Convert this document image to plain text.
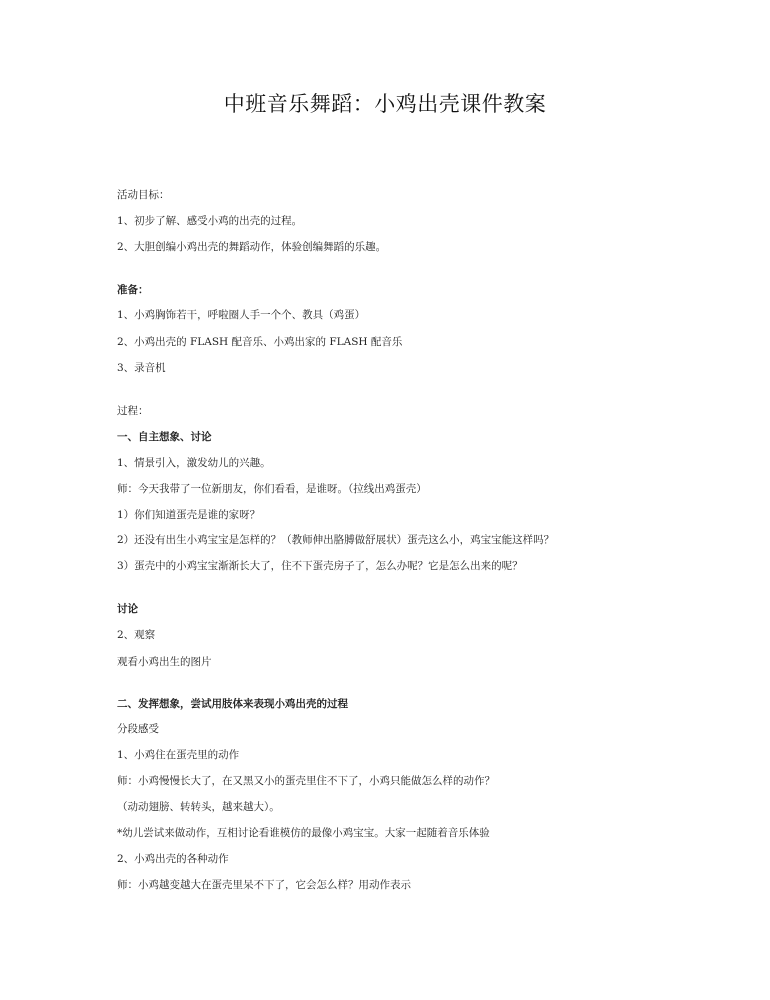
中班音乐舞蹈：小鸡出壳课件教案
活动目标：
1、初步了解、感受小鸡的出壳的过程。
2、大胆创编小鸡出壳的舞蹈动作，体验创编舞蹈的乐趣。
准备：
1、小鸡胸饰若干，呼啦圈人手一个个、教具（鸡蛋）
2、小鸡出壳的 FLASH 配音乐、小鸡出家的 FLASH 配音乐
3、录音机
过程：
一、自主想象、讨论
1、情景引入，激发幼儿的兴趣。
师：今天我带了一位新朋友，你们看看，是谁呀。（拉线出鸡蛋壳）
1）你们知道蛋壳是谁的家呀？
2）还没有出生小鸡宝宝是怎样的？（教师伸出胳膊做舒展状）蛋壳这么小，鸡宝宝能这样吗？
3）蛋壳中的小鸡宝宝渐渐长大了，住不下蛋壳房子了，怎么办呢？它是怎么出来的呢？
讨论
2、观察
观看小鸡出生的图片
二、发挥想象，尝试用肢体来表现小鸡出壳的过程
分段感受
1、小鸡住在蛋壳里的动作
师：小鸡慢慢长大了，在又黑又小的蛋壳里住不下了，小鸡只能做怎么样的动作？
（动动翅膀、转转头，越来越大）。
*幼儿尝试来做动作，互相讨论看谁模仿的最像小鸡宝宝。大家一起随着音乐体验
2、小鸡出壳的各种动作
师：小鸡越变越大在蛋壳里呆不下了，它会怎么样？用动作表示
